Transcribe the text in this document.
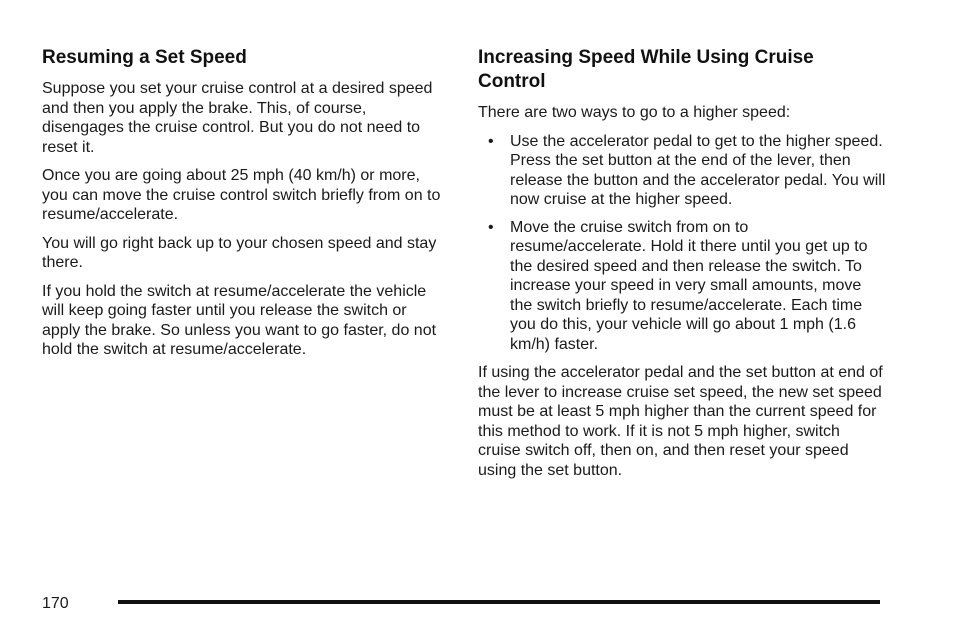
Resuming a Set Speed

Suppose you set your cruise control at a desired speed and then you apply the brake. This, of course, disengages the cruise control. But you do not need to reset it.

Once you are going about 25 mph (40 km/h) or more, you can move the cruise control switch briefly from on to resume/accelerate.

You will go right back up to your chosen speed and stay there.

If you hold the switch at resume/accelerate the vehicle will keep going faster until you release the switch or apply the brake. So unless you want to go faster, do not hold the switch at resume/accelerate.

Increasing Speed While Using Cruise Control

There are two ways to go to a higher speed:

• Use the accelerator pedal to get to the higher speed. Press the set button at the end of the lever, then release the button and the accelerator pedal. You will now cruise at the higher speed.
• Move the cruise switch from on to resume/accelerate. Hold it there until you get up to the desired speed and then release the switch. To increase your speed in very small amounts, move the switch briefly to resume/accelerate. Each time you do this, your vehicle will go about 1 mph (1.6 km/h) faster.

If using the accelerator pedal and the set button at end of the lever to increase cruise set speed, the new set speed must be at least 5 mph higher than the current speed for this method to work. If it is not 5 mph higher, switch cruise switch off, then on, and then reset your speed using the set button.

170
